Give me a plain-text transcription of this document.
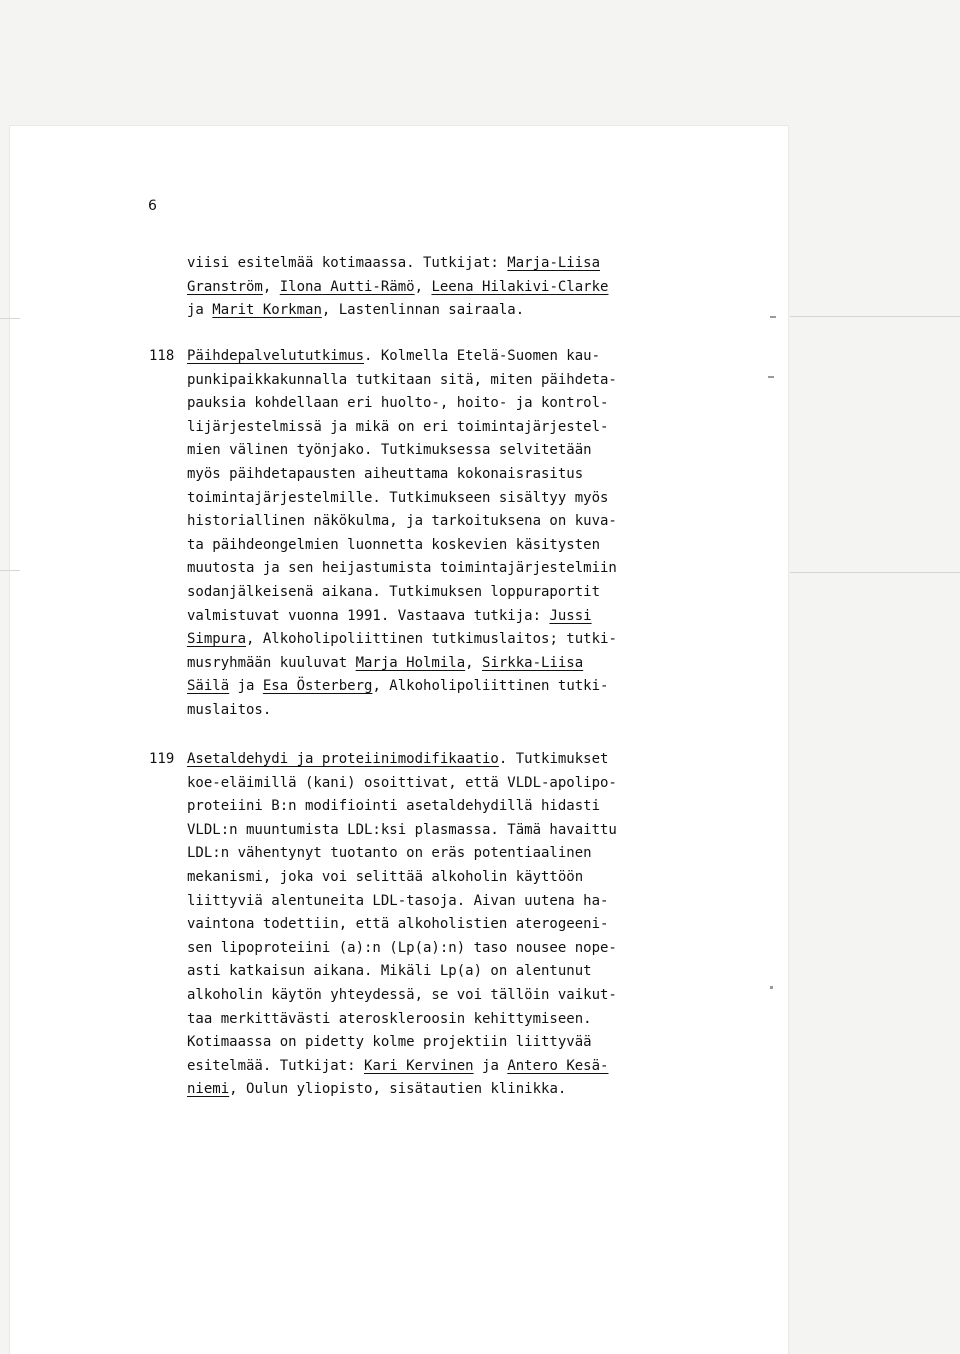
6
viisi esitelmää kotimaassa. Tutkijat: Marja-Liisa
Granström, Ilona Autti-Rämö, Leena Hilakivi-Clarke
ja Marit Korkman, Lastenlinnan sairaala.
118 Päihdepalvelututkimus. Kolmella Etelä-Suomen kau-
punkipaikkakunnalla tutkitaan sitä, miten päihdeta-
pauksia kohdellaan eri huolto-, hoito- ja kontrol-
lijärjestelmissä ja mikä on eri toimintajärjestel-
mien välinen työnjako. Tutkimuksessa selvitetään
myös päihdetapausten aiheuttama kokonaisrasitus
toimintajärjestelmille. Tutkimukseen sisältyy myös
historiallinen näkökulma, ja tarkoituksena on kuva-
ta päihdeongelmien luonnetta koskevien käsitysten
muutosta ja sen heijastumista toimintajärjestelmiin
sodanjälkeisenä aikana. Tutkimuksen loppuraportit
valmistuvat vuonna 1991. Vastaava tutkija: Jussi
Simpura, Alkoholipoliittinen tutkimuslaitos; tutki-
musryhmään kuuluvat Marja Holmila, Sirkka-Liisa
Säilä ja Esa Österberg, Alkoholipoliittinen tutki-
muslaitos.
119 Asetaldehydi ja proteiinimodifikaatio. Tutkimukset
koe-eläimillä (kani) osoittivat, että VLDL-apolipo-
proteiini B:n modifiointi asetaldehydillä hidasti
VLDL:n muuntumista LDL:ksi plasmassa. Tämä havaittu
LDL:n vähentynyt tuotanto on eräs potentiaalinen
mekanismi, joka voi selittää alkoholin käyttöön
liittyviä alentuneita LDL-tasoja. Aivan uutena ha-
vaintona todettiin, että alkoholistien aterogeeni-
sen lipoproteiini (a):n (Lp(a):n) taso nousee nope-
asti katkaisun aikana. Mikäli Lp(a) on alentunut
alkoholin käytön yhteydessä, se voi tällöin vaikut-
taa merkittävästi ateroskleroosin kehittymiseen.
Kotimaassa on pidetty kolme projektiin liittyvää
esitelmää. Tutkijat: Kari Kervinen ja Antero Kesä-
niemi, Oulun yliopisto, sisätautien klinikka.
